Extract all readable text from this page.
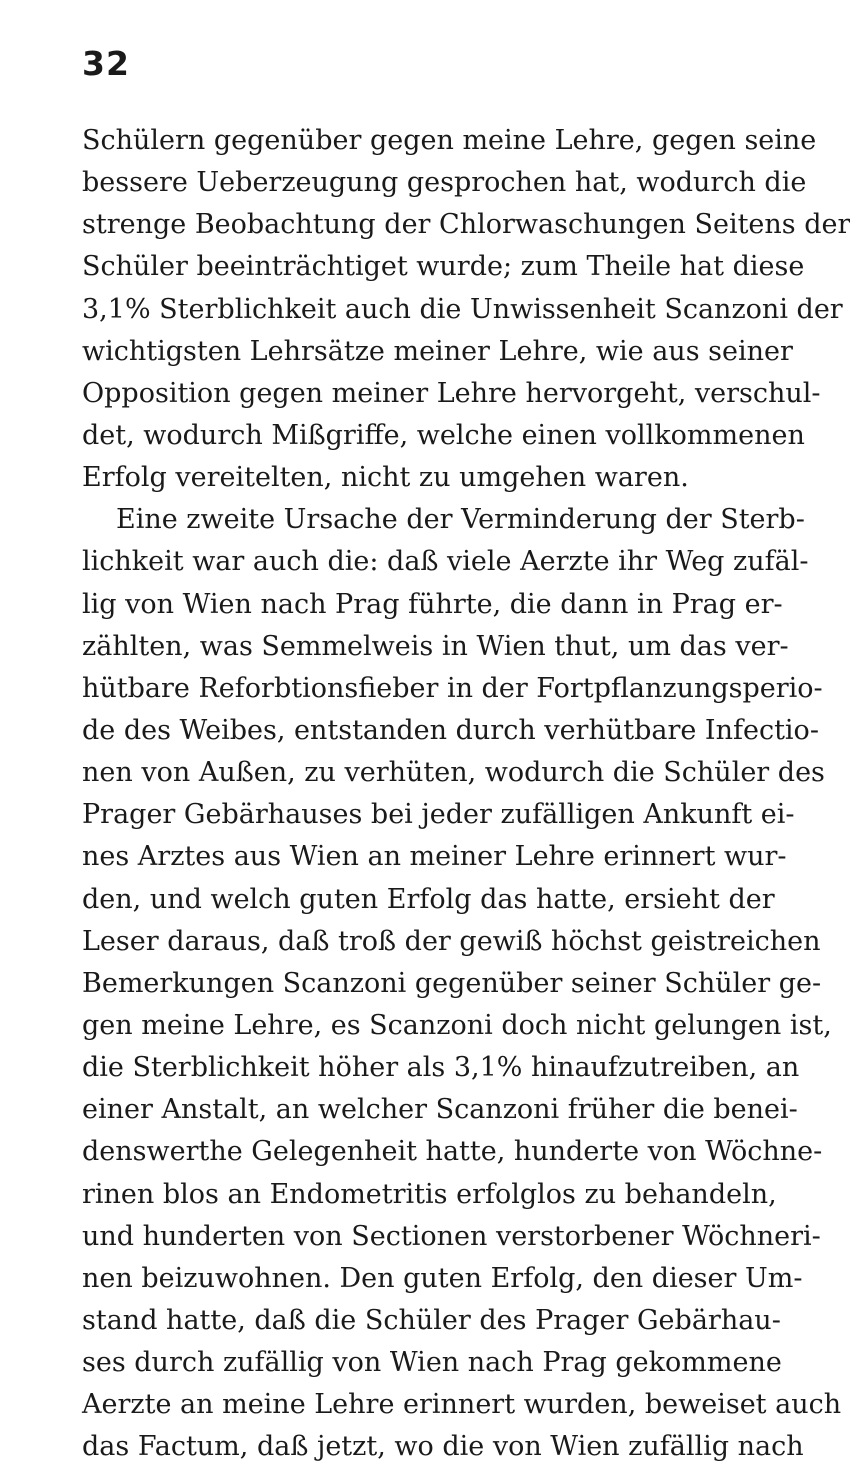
32
Schülern gegenüber gegen meine Lehre, gegen seine
bessere Ueberzeugung gesprochen hat, wodurch die
strenge Beobachtung der Chlorwaschungen Seitens der
Schüler beeinträchtiget wurde; zum Theile hat diese
3,1% Sterblichkeit auch die Unwissenheit Scanzoni der
wichtigsten Lehrsätze meiner Lehre, wie aus seiner
Opposition gegen meiner Lehre hervorgeht, verschul-
det, wodurch Mißgriffe, welche einen vollkommenen
Erfolg vereitelten, nicht zu umgehen waren.
Eine zweite Ursache der Verminderung der Sterb-
lichkeit war auch die: daß viele Aerzte ihr Weg zufäl-
lig von Wien nach Prag führte, die dann in Prag er-
zählten, was Semmelweis in Wien thut, um das ver-
hütbare Reforbtionsfieber in der Fortpflanzungsperio-
de des Weibes, entstanden durch verhütbare Infectio-
nen von Außen, zu verhüten, wodurch die Schüler des
Prager Gebärhauses bei jeder zufälligen Ankunft ei-
nes Arztes aus Wien an meiner Lehre erinnert wur-
den, und welch guten Erfolg das hatte, ersieht der
Leser daraus, daß troß der gewiß höchst geistreichen
Bemerkungen Scanzoni gegenüber seiner Schüler ge-
gen meine Lehre, es Scanzoni doch nicht gelungen ist,
die Sterblichkeit höher als 3,1% hinaufzutreiben, an
einer Anstalt, an welcher Scanzoni früher die benei-
denswerthe Gelegenheit hatte, hunderte von Wöchne-
rinen blos an Endometritis erfolglos zu behandeln,
und hunderten von Sectionen verstorbener Wöchneri-
nen beizuwohnen. Den guten Erfolg, den dieser Um-
stand hatte, daß die Schüler des Prager Gebärhau-
ses durch zufällig von Wien nach Prag gekommene
Aerzte an meine Lehre erinnert wurden, beweiset auch
das Factum, daß jetzt, wo die von Wien zufällig nach
